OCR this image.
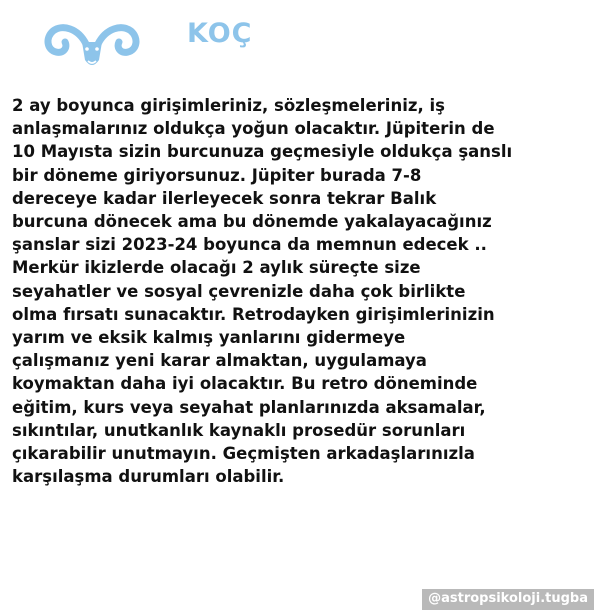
KOÇ
2 ay boyunca girişimleriniz, sözleşmeleriniz, iş
anlaşmalarınız oldukça yoğun olacaktır. Jüpiterin de
10 Mayısta sizin burcunuza geçmesiyle oldukça şanslı
bir döneme giriyorsunuz. Jüpiter burada 7-8
dereceye kadar ilerleyecek sonra tekrar Balık
burcuna dönecek ama bu dönemde yakalayacağınız
şanslar sizi 2023-24 boyunca da memnun edecek ..
Merkür ikizlerde olacağı 2 aylık süreçte size
seyahatler ve sosyal çevrenizle daha çok birlikte
olma fırsatı sunacaktır. Retrodayken girişimlerinizin
yarım ve eksik kalmış yanlarını gidermeye
çalışmanız yeni karar almaktan, uygulamaya
koymaktan daha iyi olacaktır. Bu retro döneminde
eğitim, kurs veya seyahat planlarınızda aksamalar,
sıkıntılar, unutkanlık kaynaklı prosedür sorunları
çıkarabilir unutmayın. Geçmişten arkadaşlarınızla
karşılaşma durumları olabilir.
@astropsikoloji.tugba
